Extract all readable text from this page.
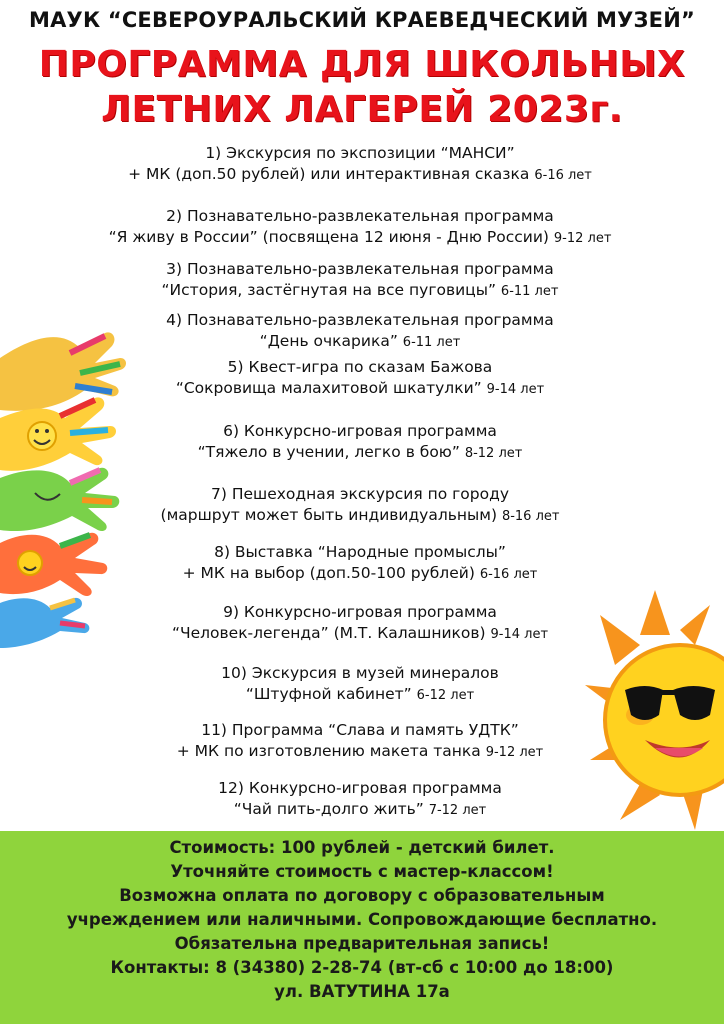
МАУК “СЕВЕРОУРАЛЬСКИЙ КРАЕВЕДЧЕСКИЙ МУЗЕЙ”
ПРОГРАММА ДЛЯ ШКОЛЬНЫХ
ЛЕТНИХ ЛАГЕРЕЙ 2023г.
1) Экскурсия по экспозиции “МАНСИ”
+ МК (доп.50 рублей) или интерактивная сказка 6-16 лет
2) Познавательно-развлекательная программа
“Я живу в России” (посвящена 12 июня - Дню России) 9-12 лет
3) Познавательно-развлекательная программа
“История, застёгнутая на все пуговицы” 6-11 лет
4) Познавательно-развлекательная программа
“День очкарика” 6-11 лет
5) Квест-игра по сказам Бажова
“Сокровища малахитовой шкатулки” 9-14 лет
6) Конкурсно-игровая программа
“Тяжело в учении, легко в бою” 8-12 лет
7) Пешеходная экскурсия по городу
(маршрут может быть индивидуальным) 8-16 лет
8) Выставка “Народные промыслы”
+ МК на выбор (доп.50-100 рублей) 6-16 лет
9) Конкурсно-игровая программа
“Человек-легенда” (М.Т. Калашников) 9-14 лет
10) Экскурсия в музей минералов
“Штуфной кабинет” 6-12 лет
11) Программа “Слава и память УДТК”
+ МК по изготовлению макета танка 9-12 лет
12) Конкурсно-игровая программа
“Чай пить-долго жить” 7-12 лет
Стоимость: 100 рублей - детский билет.
Уточняйте стоимость с мастер-классом!
Возможна оплата по договору с образовательным
учреждением или наличными. Сопровождающие бесплатно.
Обязательна предварительная запись!
Контакты: 8 (34380) 2-28-74 (вт-сб с 10:00 до 18:00)
ул. ВАТУТИНА 17а
